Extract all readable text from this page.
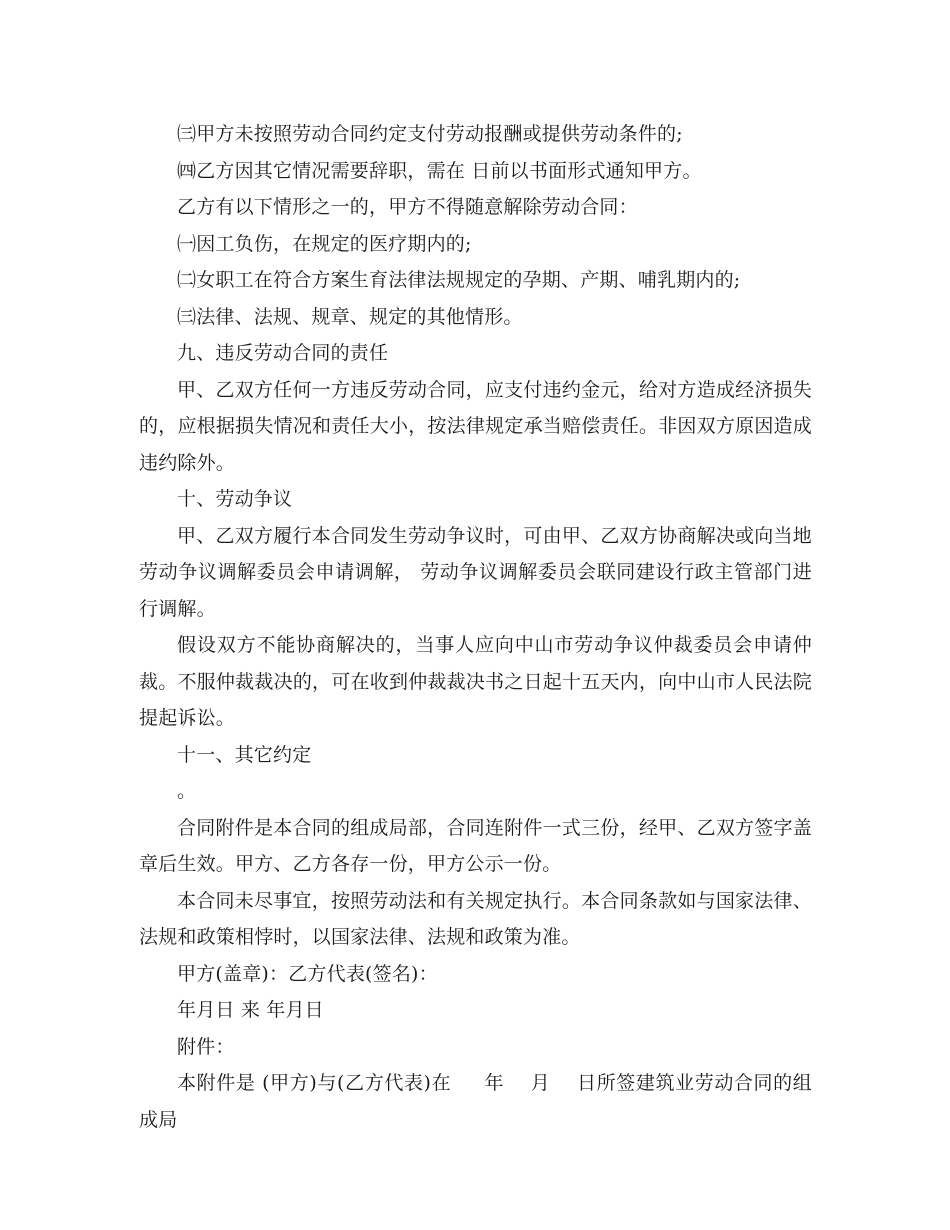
㈢甲方未按照劳动合同约定支付劳动报酬或提供劳动条件的;

㈣乙方因其它情况需要辞职，需在 日前以书面形式通知甲方。

乙方有以下情形之一的，甲方不得随意解除劳动合同：

㈠因工负伤，在规定的医疗期内的;

㈡女职工在符合方案生育法律法规规定的孕期、产期、哺乳期内的;

㈢法律、法规、规章、规定的其他情形。

九、违反劳动合同的责任

甲、乙双方任何一方违反劳动合同，应支付违约金元，给对方造成经济损失的，应根据损失情况和责任大小，按法律规定承当赔偿责任。非因双方原因造成违约除外。

十、劳动争议

甲、乙双方履行本合同发生劳动争议时，可由甲、乙双方协商解决或向当地劳动争议调解委员会申请调解， 劳动争议调解委员会联同建设行政主管部门进行调解。

假设双方不能协商解决的，当事人应向中山市劳动争议仲裁委员会申请仲裁。不服仲裁裁决的，可在收到仲裁裁决书之日起十五天内，向中山市人民法院提起诉讼。

十一、其它约定

。

合同附件是本合同的组成局部，合同连附件一式三份，经甲、乙双方签字盖章后生效。甲方、乙方各存一份，甲方公示一份。

本合同未尽事宜，按照劳动法和有关规定执行。本合同条款如与国家法律、法规和政策相悖时，以国家法律、法规和政策为准。

甲方(盖章)：乙方代表(签名)：

年月日 来 年月日

附件：

本附件是 (甲方)与(乙方代表)在     年    月    日所签建筑业劳动合同的组成局
